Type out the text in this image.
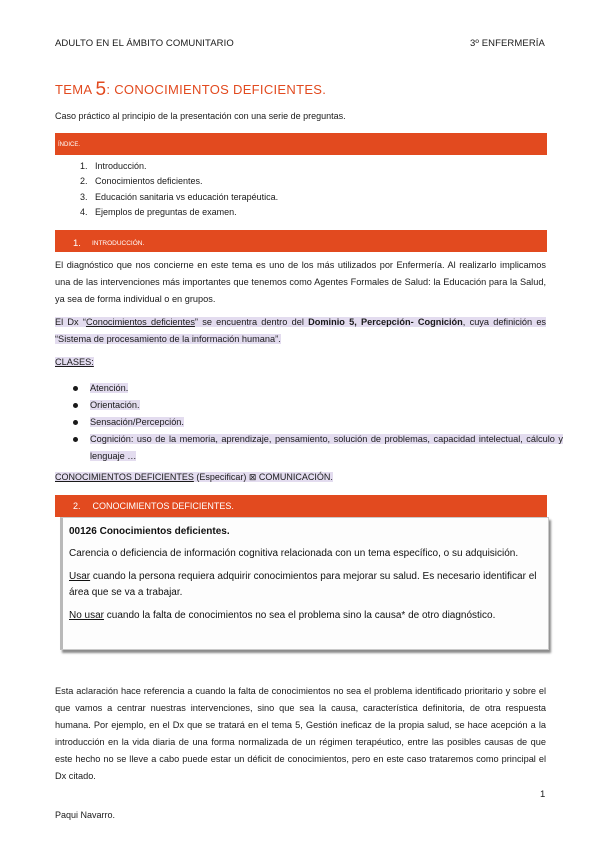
ADULTO EN EL ÁMBITO COMUNITARIO	3º ENFERMERÍA
TEMA 5: CONOCIMIENTOS DEFICIENTES.
Caso práctico al principio de la presentación con una serie de preguntas.
ÍNDICE.
1. Introducción.
2. Conocimientos deficientes.
3. Educación sanitaria vs educación terapéutica.
4. Ejemplos de preguntas de examen.
1. INTRODUCCIÓN.
El diagnóstico que nos concierne en este tema es uno de los más utilizados por Enfermería. Al realizarlo implicamos una de las intervenciones más importantes que tenemos como Agentes Formales de Salud: la Educación para la Salud, ya sea de forma individual o en grupos.
El Dx “Conocimientos deficientes” se encuentra dentro del Dominio 5, Percepción- Cognición, cuya definición es “Sistema de procesamiento de la información humana”.
CLASES:
Atención.
Orientación.
Sensación/Percepción.
Cognición: uso de la memoria, aprendizaje, pensamiento, solución de problemas, capacidad intelectual, cálculo y lenguaje …
CONOCIMIENTOS DEFICIENTES (Especificar) ⊠ COMUNICACIÓN.
2. CONOCIMIENTOS DEFICIENTES.

00126 Conocimientos deficientes.

Carencia o deficiencia de información cognitiva relacionada con un tema específico, o su adquisición.

Usar cuando la persona requiera adquirir conocimientos para mejorar su salud. Es necesario identificar el área que se va a trabajar.

No usar cuando la falta de conocimientos no sea el problema sino la causa* de otro diagnóstico.

Esta aclaración hace referencia a cuando la falta de conocimientos no sea el problema identificado prioritario y sobre el que vamos a centrar nuestras intervenciones, sino que sea la causa, característica definitoria, de otra respuesta humana. Por ejemplo, en el Dx que se tratará en el tema 5, Gestión ineficaz de la propia salud, se hace acepción a la introducción en la vida diaria de una forma normalizada de un régimen terapéutico, entre las posibles causas de que este hecho no se lleve a cabo puede estar un déficit de conocimientos, pero en este caso trataremos como principal el Dx citado.
1
Paqui Navarro.
